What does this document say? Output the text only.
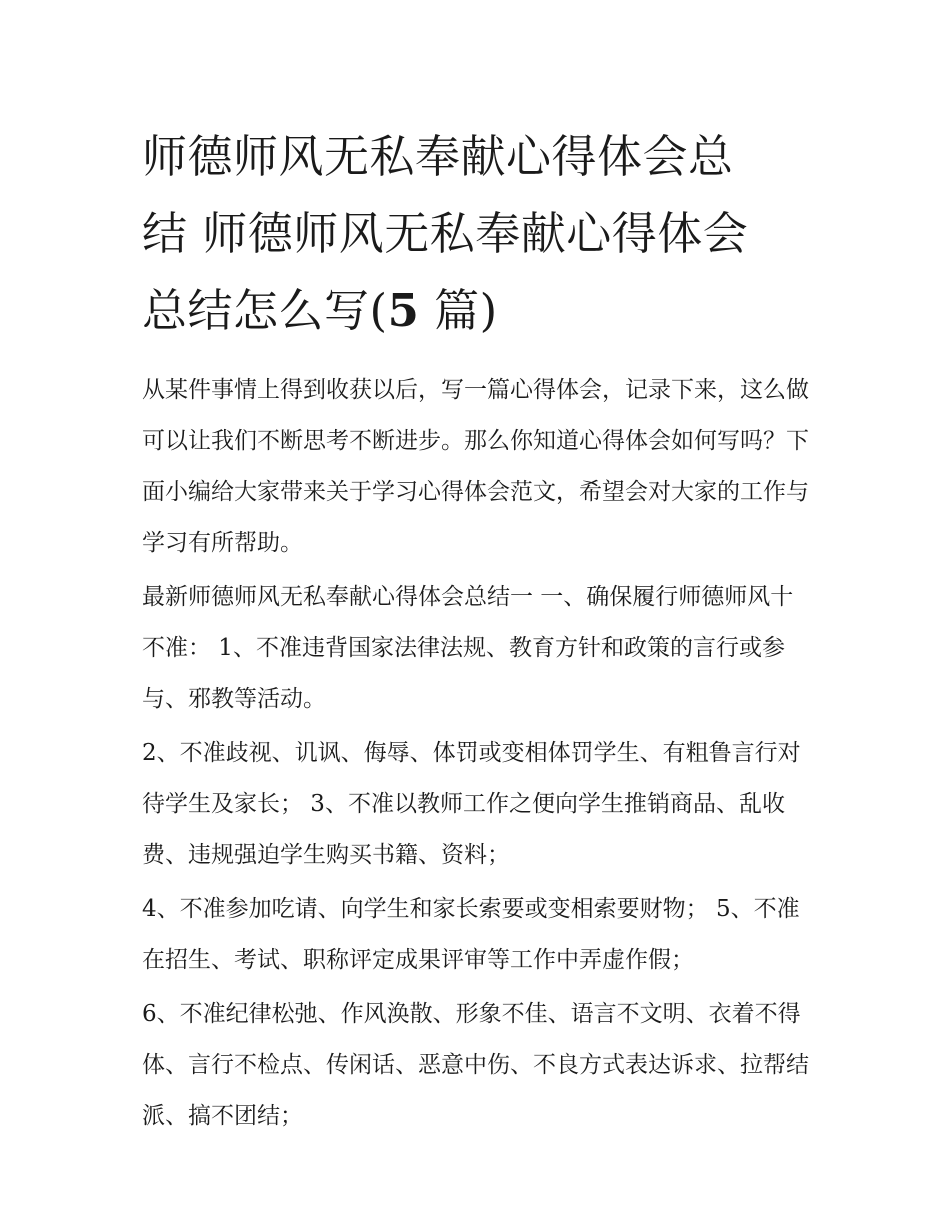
师德师风无私奉献心得体会总
结 师德师风无私奉献心得体会
总结怎么写(5 篇)

从某件事情上得到收获以后，写一篇心得体会，记录下来，这么做可以让我们不断思考不断进步。那么你知道心得体会如何写吗？下面小编给大家带来关于学习心得体会范文，希望会对大家的工作与学习有所帮助。

最新师德师风无私奉献心得体会总结一 一、确保履行师德师风十不准： 1、不准违背国家法律法规、教育方针和政策的言行或参与、邪教等活动。

2、不准歧视、讥讽、侮辱、体罚或变相体罚学生、有粗鲁言行对待学生及家长； 3、不准以教师工作之便向学生推销商品、乱收费、违规强迫学生购买书籍、资料；

4、不准参加吃请、向学生和家长索要或变相索要财物； 5、不准在招生、考试、职称评定成果评审等工作中弄虚作假；

6、不准纪律松弛、作风涣散、形象不佳、语言不文明、衣着不得体、言行不检点、传闲话、恶意中伤、不良方式表达诉求、拉帮结派、搞不团结；
